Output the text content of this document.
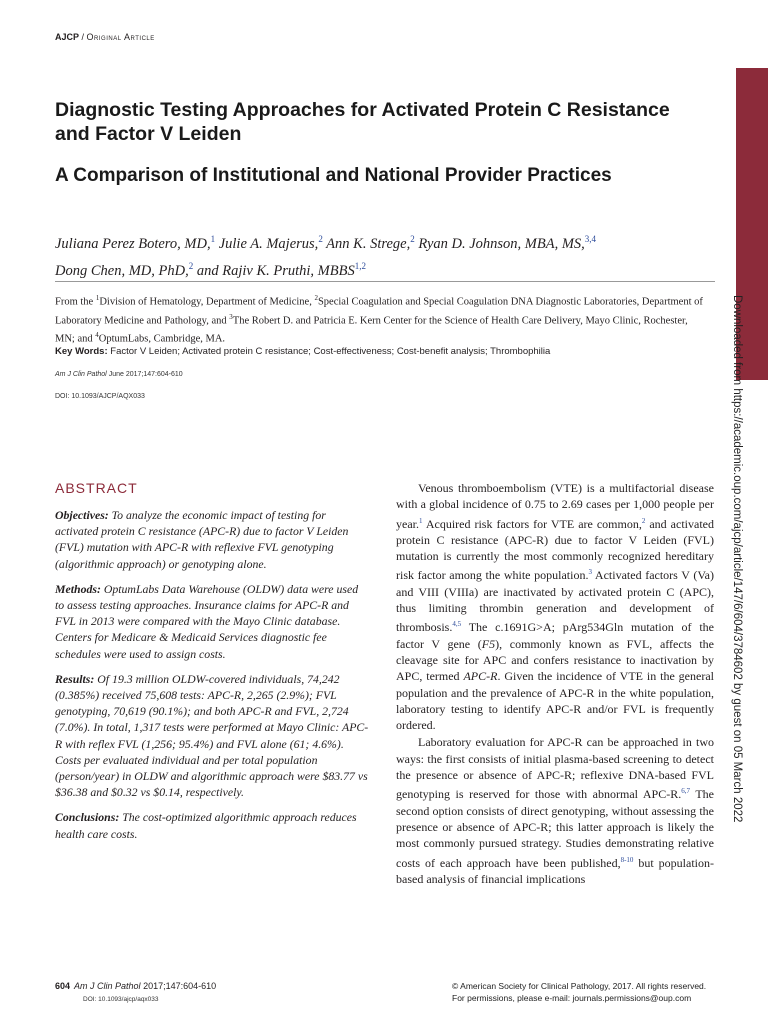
AJCP / Original Article
Diagnostic Testing Approaches for Activated Protein C Resistance and Factor V Leiden
A Comparison of Institutional and National Provider Practices
Juliana Perez Botero, MD,$^1$ Julie A. Majerus,$^2$ Ann K. Strege,$^2$ Ryan D. Johnson, MBA, MS,$^{3,4}$
Dong Chen, MD, PhD,$^2$ and Rajiv K. Pruthi, MBBS$^{1,2}$
From the $^1$Division of Hematology, Department of Medicine, $^2$Special Coagulation and Special Coagulation DNA Diagnostic Laboratories, Department of Laboratory Medicine and Pathology, and $^3$The Robert D. and Patricia E. Kern Center for the Science of Health Care Delivery, Mayo Clinic, Rochester, MN; and $^4$OptumLabs, Cambridge, MA.
Key Words: Factor V Leiden; Activated protein C resistance; Cost-effectiveness; Cost-benefit analysis; Thrombophilia
Am J Clin Pathol June 2017;147:604-610
DOI: 10.1093/AJCP/AQX033
ABSTRACT

Objectives: To analyze the economic impact of testing for activated protein C resistance (APC-R) due to factor V Leiden (FVL) mutation with APC-R with reflexive FVL genotyping (algorithmic approach) or genotyping alone.

Methods: OptumLabs Data Warehouse (OLDW) data were used to assess testing approaches. Insurance claims for APC-R and FVL in 2013 were compared with the Mayo Clinic database. Centers for Medicare & Medicaid Services diagnostic fee schedules were used to assign costs.

Results: Of 19.3 million OLDW-covered individuals, 74,242 (0.385%) received 75,608 tests: APC-R, 2,265 (2.9%); FVL genotyping, 70,619 (90.1%); and both APC-R and FVL, 2,724 (7.0%). In total, 1,317 tests were performed at Mayo Clinic: APC-R with reflex FVL (1,256; 95.4%) and FVL alone (61; 4.6%). Costs per evaluated individual and per total population (person/year) in OLDW and algorithmic approach were $83.77 vs $36.38 and $0.32 vs $0.14, respectively.

Conclusions: The cost-optimized algorithmic approach reduces health care costs.

Venous thromboembolism (VTE) is a multifactorial disease with a global incidence of 0.75 to 2.69 cases per 1,000 people per year.$^1$ Acquired risk factors for VTE are common,$^2$ and activated protein C resistance (APC-R) due to factor V Leiden (FVL) mutation is currently the most commonly recognized hereditary risk factor among the white population.$^3$ Activated factors V (Va) and VIII (VIIIa) are inactivated by activated protein C (APC), thus limiting thrombin generation and development of thrombosis.$^{4,5}$ The c.1691G>A; pArg534Gln mutation of the factor V gene (F5), commonly known as FVL, affects the cleavage site for APC and confers resistance to inactivation by APC, termed APC-R. Given the incidence of VTE in the general population and the prevalence of APC-R in the white population, laboratory testing to identify APC-R and/or FVL is frequently ordered.

Laboratory evaluation for APC-R can be approached in two ways: the first consists of initial plasma-based screening to detect the presence or absence of APC-R; reflexive DNA-based FVL genotyping is reserved for those with abnormal APC-R.$^{6,7}$ The second option consists of direct genotyping, without assessing the presence or absence of APC-R; this latter approach is likely the most commonly pursued strategy. Studies demonstrating relative costs of each approach have been published,$^{8-10}$ but population-based analysis of financial implications

Downloaded from https://academic.oup.com/ajcp/article/147/6/604/3784602 by guest on 05 March 2022
604 Am J Clin Pathol 2017;147:604-610
DOI: 10.1093/ajcp/aqx033
© American Society for Clinical Pathology, 2017. All rights reserved.
For permissions, please e-mail: journals.permissions@oup.com
